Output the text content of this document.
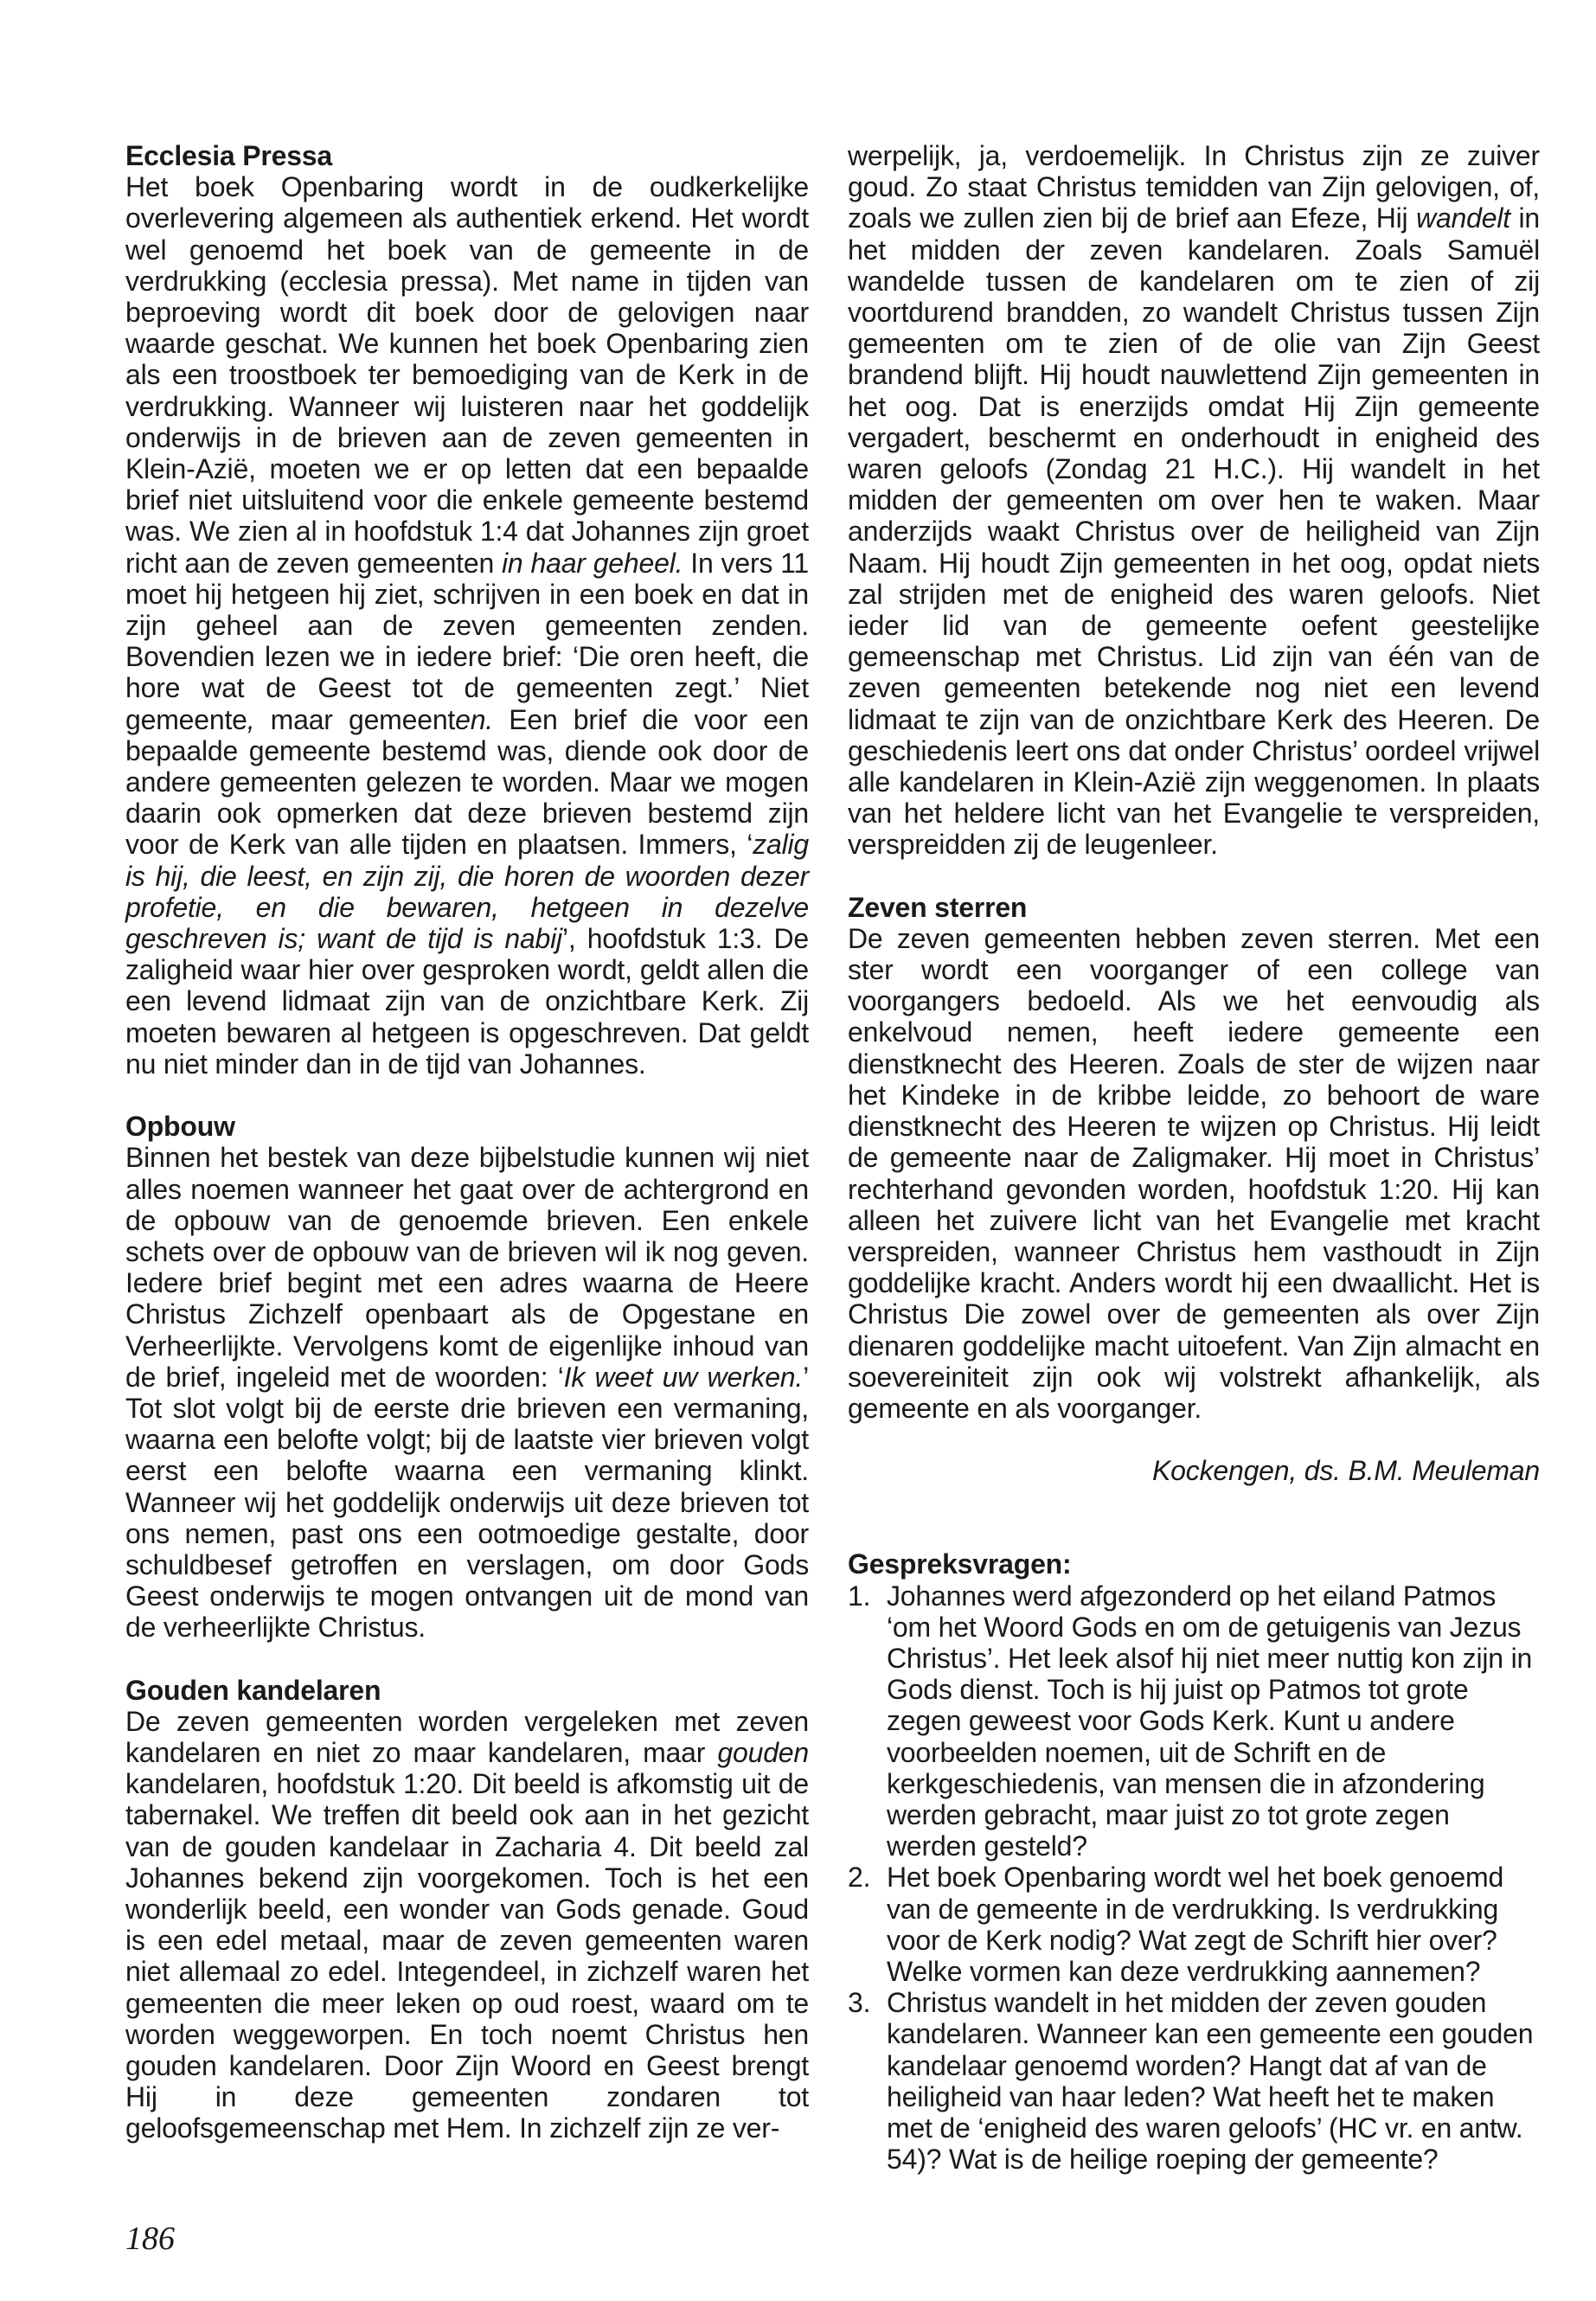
Ecclesia Pressa

Het boek Openbaring wordt in de oudkerkelijke overlevering algemeen als authentiek erkend. Het wordt wel genoemd het boek van de gemeente in de verdrukking (ecclesia pressa). Met name in tijden van beproeving wordt dit boek door de gelovigen naar waarde geschat. We kunnen het boek Openbaring zien als een troostboek ter bemoediging van de Kerk in de verdrukking. Wanneer wij luisteren naar het goddelijk onderwijs in de brieven aan de zeven gemeenten in Klein-Azië, moeten we er op letten dat een bepaalde brief niet uitsluitend voor die enkele gemeente bestemd was. We zien al in hoofdstuk 1:4 dat Johannes zijn groet richt aan de zeven gemeenten in haar geheel. In vers 11 moet hij hetgeen hij ziet, schrijven in een boek en dat in zijn geheel aan de zeven gemeenten zenden. Bovendien lezen we in iedere brief: ‘Die oren heeft, die hore wat de Geest tot de gemeenten zegt.’ Niet gemeente, maar gemeenten. Een brief die voor een bepaalde gemeente bestemd was, diende ook door de andere gemeenten gelezen te worden. Maar we mogen daarin ook opmerken dat deze brieven bestemd zijn voor de Kerk van alle tijden en plaatsen. Immers, ‘zalig is hij, die leest, en zijn zij, die horen de woorden dezer profetie, en die bewaren, hetgeen in dezelve geschreven is; want de tijd is nabij’, hoofdstuk 1:3. De zaligheid waar hier over gesproken wordt, geldt allen die een levend lidmaat zijn van de onzichtbare Kerk. Zij moeten bewaren al hetgeen is opgeschreven. Dat geldt nu niet minder dan in de tijd van Johannes.

Opbouw

Binnen het bestek van deze bijbelstudie kunnen wij niet alles noemen wanneer het gaat over de achtergrond en de opbouw van de genoemde brieven. Een enkele schets over de opbouw van de brieven wil ik nog geven. Iedere brief begint met een adres waarna de Heere Christus Zichzelf openbaart als de Opgestane en Verheerlijkte. Vervolgens komt de eigenlijke inhoud van de brief, ingeleid met de woorden: ‘Ik weet uw werken.’ Tot slot volgt bij de eerste drie brieven een vermaning, waarna een belofte volgt; bij de laatste vier brieven volgt eerst een belofte waarna een vermaning klinkt. Wanneer wij het goddelijk onderwijs uit deze brieven tot ons nemen, past ons een ootmoedige gestalte, door schuldbesef getroffen en verslagen, om door Gods Geest onderwijs te mogen ontvangen uit de mond van de verheerlijkte Christus.

Gouden kandelaren

De zeven gemeenten worden vergeleken met zeven kandelaren en niet zo maar kandelaren, maar gouden kandelaren, hoofdstuk 1:20. Dit beeld is afkomstig uit de tabernakel. We treffen dit beeld ook aan in het gezicht van de gouden kandelaar in Zacharia 4. Dit beeld zal Johannes bekend zijn voorgekomen. Toch is het een wonderlijk beeld, een wonder van Gods genade. Goud is een edel metaal, maar de zeven gemeenten waren niet allemaal zo edel. Integendeel, in zichzelf waren het gemeenten die meer leken op oud roest, waard om te worden weggeworpen. En toch noemt Christus hen gouden kandelaren. Door Zijn Woord en Geest brengt Hij in deze gemeenten zondaren tot geloofsgemeenschap met Hem. In zichzelf zijn ze ver-

werpelijk, ja, verdoemelijk. In Christus zijn ze zuiver goud. Zo staat Christus temidden van Zijn gelovigen, of, zoals we zullen zien bij de brief aan Efeze, Hij wandelt in het midden der zeven kandelaren. Zoals Samuël wandelde tussen de kandelaren om te zien of zij voortdurend brandden, zo wandelt Christus tussen Zijn gemeenten om te zien of de olie van Zijn Geest brandend blijft. Hij houdt nauwlettend Zijn gemeenten in het oog. Dat is enerzijds omdat Hij Zijn gemeente vergadert, beschermt en onderhoudt in enigheid des waren geloofs (Zondag 21 H.C.). Hij wandelt in het midden der gemeenten om over hen te waken. Maar anderzijds waakt Christus over de heiligheid van Zijn Naam. Hij houdt Zijn gemeenten in het oog, opdat niets zal strijden met de enigheid des waren geloofs. Niet ieder lid van de gemeente oefent geestelijke gemeenschap met Christus. Lid zijn van één van de zeven gemeenten betekende nog niet een levend lidmaat te zijn van de onzichtbare Kerk des Heeren. De geschiedenis leert ons dat onder Christus’ oordeel vrijwel alle kandelaren in Klein-Azië zijn weggenomen. In plaats van het heldere licht van het Evangelie te verspreiden, verspreidden zij de leugenleer.

Zeven sterren

De zeven gemeenten hebben zeven sterren. Met een ster wordt een voorganger of een college van voorgangers bedoeld. Als we het eenvoudig als enkelvoud nemen, heeft iedere gemeente een dienstknecht des Heeren. Zoals de ster de wijzen naar het Kindeke in de kribbe leidde, zo behoort de ware dienstknecht des Heeren te wijzen op Christus. Hij leidt de gemeente naar de Zaligmaker. Hij moet in Christus’ rechterhand gevonden worden, hoofdstuk 1:20. Hij kan alleen het zuivere licht van het Evangelie met kracht verspreiden, wanneer Christus hem vasthoudt in Zijn goddelijke kracht. Anders wordt hij een dwaallicht. Het is Christus Die zowel over de gemeenten als over Zijn dienaren goddelijke macht uitoefent. Van Zijn almacht en soevereiniteit zijn ook wij volstrekt afhankelijk, als gemeente en als voorganger.

Kockengen, ds. B.M. Meuleman

Gespreksvragen:
1. Johannes werd afgezonderd op het eiland Patmos ‘om het Woord Gods en om de getuigenis van Jezus Christus’. Het leek alsof hij niet meer nuttig kon zijn in Gods dienst. Toch is hij juist op Patmos tot grote zegen geweest voor Gods Kerk. Kunt u andere voorbeelden noemen, uit de Schrift en de kerkgeschiedenis, van mensen die in afzondering werden gebracht, maar juist zo tot grote zegen werden gesteld?
2. Het boek Openbaring wordt wel het boek genoemd van de gemeente in de verdrukking. Is verdrukking voor de Kerk nodig? Wat zegt de Schrift hier over? Welke vormen kan deze verdrukking aannemen?
3. Christus wandelt in het midden der zeven gouden kandelaren. Wanneer kan een gemeente een gouden kandelaar genoemd worden? Hangt dat af van de heiligheid van haar leden? Wat heeft het te maken met de ‘enigheid des waren geloofs’ (HC vr. en antw. 54)? Wat is de heilige roeping der gemeente?
186
